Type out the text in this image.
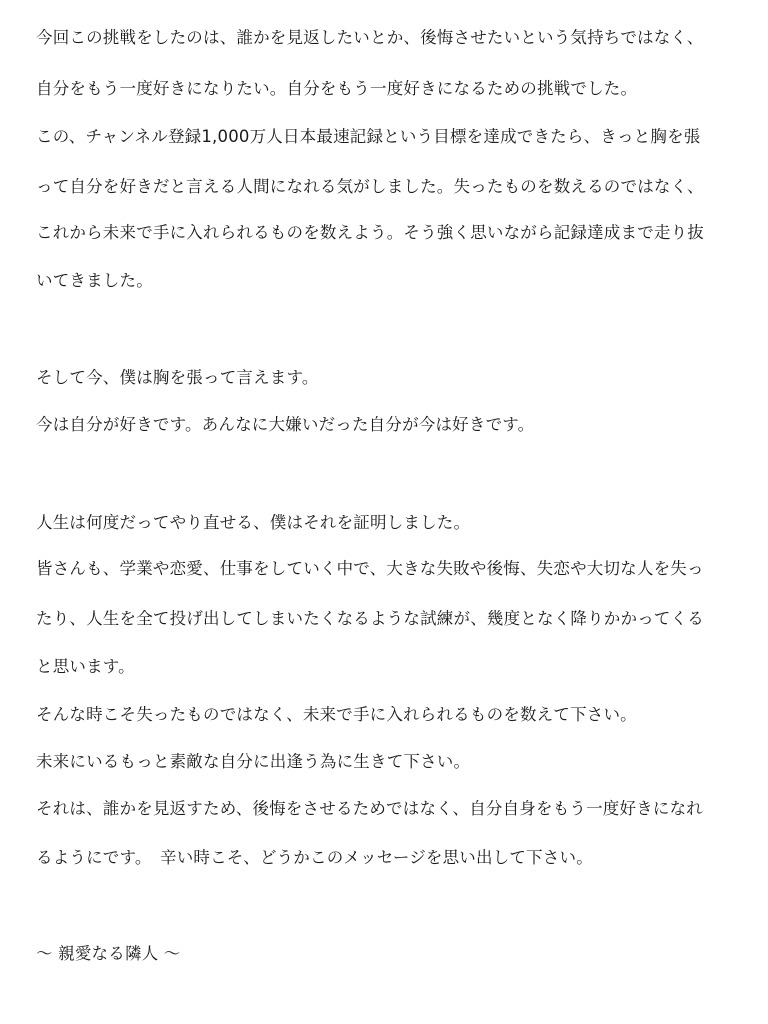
今回この挑戦をしたのは、誰かを見返したいとか、後悔させたいという気持ちではなく、
自分をもう一度好きになりたい。自分をもう一度好きになるための挑戦でした。
この、チャンネル登録1,000万人日本最速記録という目標を達成できたら、きっと胸を張
って自分を好きだと言える人間になれる気がしました。失ったものを数えるのではなく、
これから未来で手に入れられるものを数えよう。そう強く思いながら記録達成まで走り抜
いてきました。
そして今、僕は胸を張って言えます。
今は自分が好きです。あんなに大嫌いだった自分が今は好きです。
人生は何度だってやり直せる、僕はそれを証明しました。
皆さんも、学業や恋愛、仕事をしていく中で、大きな失敗や後悔、失恋や大切な人を失っ
たり、人生を全て投げ出してしまいたくなるような試練が、幾度となく降りかかってくる
と思います。
そんな時こそ失ったものではなく、未来で手に入れられるものを数えて下さい。
未来にいるもっと素敵な自分に出逢う為に生きて下さい。
それは、誰かを見返すため、後悔をさせるためではなく、自分自身をもう一度好きになれ
るようにです。　辛い時こそ、どうかこのメッセージを思い出して下さい。
〜 親愛なる隣人 〜
